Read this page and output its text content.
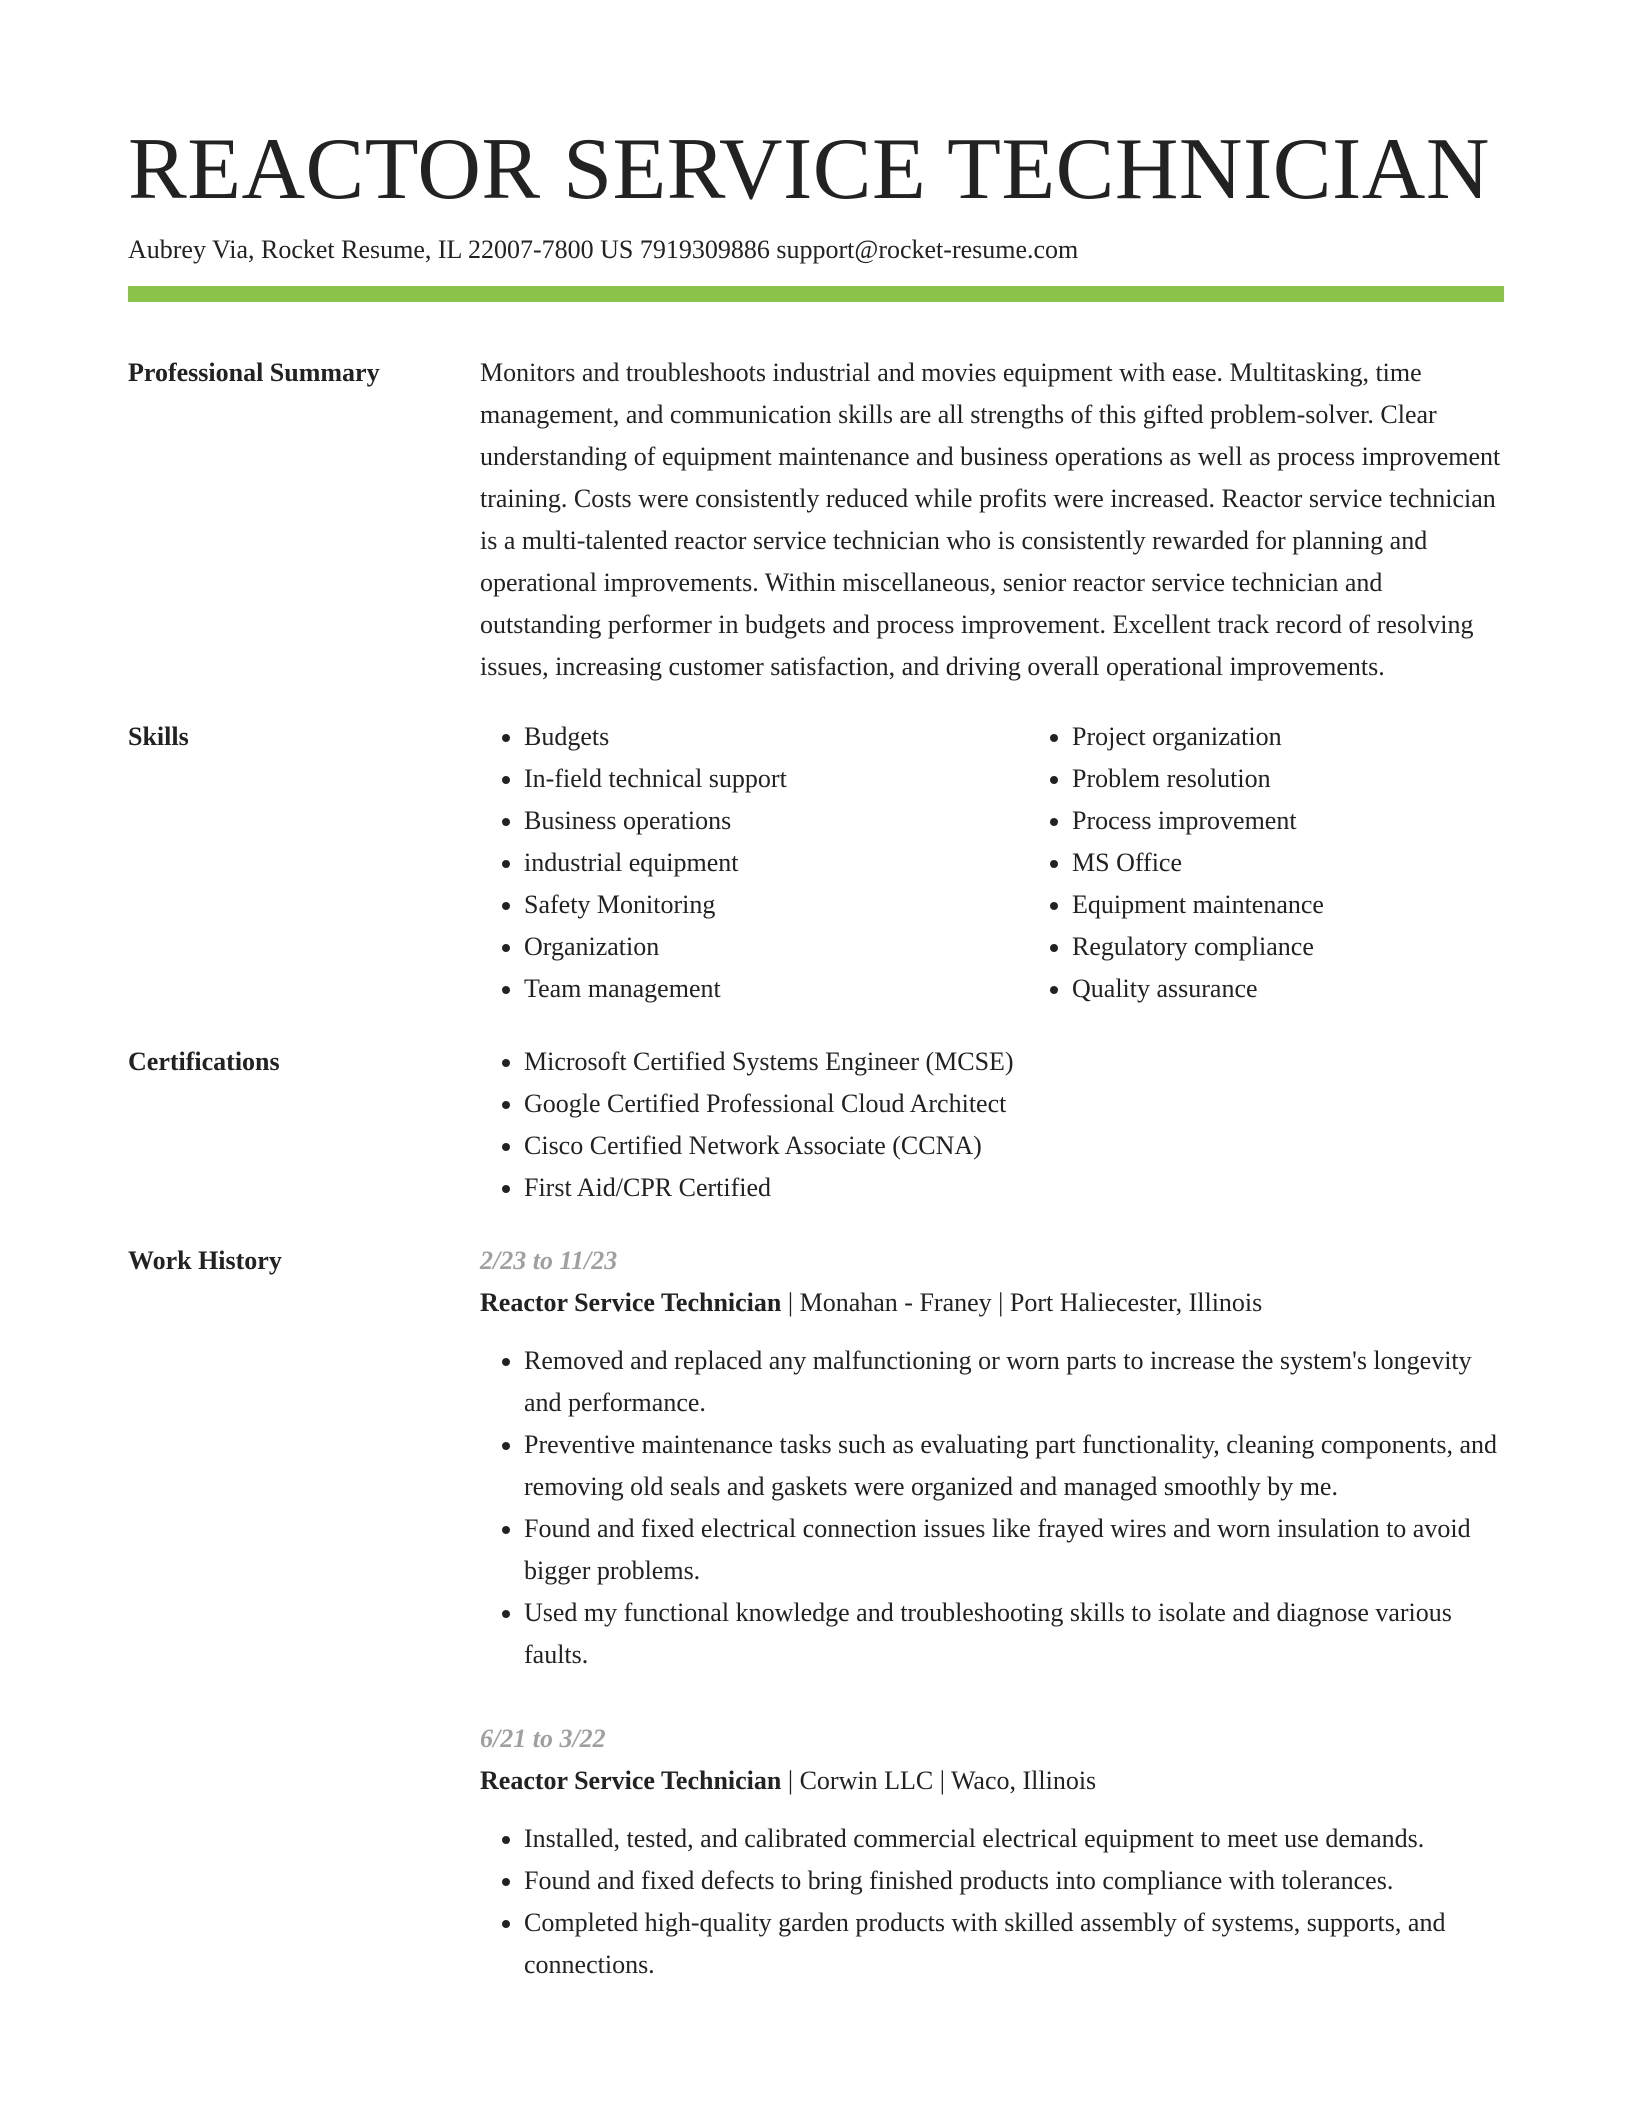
REACTOR SERVICE TECHNICIAN
Aubrey Via, Rocket Resume, IL 22007-7800 US 7919309886 support@rocket-resume.com
Professional Summary	Monitors and troubleshoots industrial and movies equipment with ease. Multitasking, time management, and communication skills are all strengths of this gifted problem-solver. Clear understanding of equipment maintenance and business operations as well as process improvement training. Costs were consistently reduced while profits were increased. Reactor service technician is a multi-talented reactor service technician who is consistently rewarded for planning and operational improvements. Within miscellaneous, senior reactor service technician and outstanding performer in budgets and process improvement. Excellent track record of resolving issues, increasing customer satisfaction, and driving overall operational improvements.

Skills	• Budgets
• In-field technical support
• Business operations
• industrial equipment
• Safety Monitoring
• Organization
• Team management
• Project organization
• Problem resolution
• Process improvement
• MS Office
• Equipment maintenance
• Regulatory compliance
• Quality assurance
Certifications	• Microsoft Certified Systems Engineer (MCSE)
• Google Certified Professional Cloud Architect
• Cisco Certified Network Associate (CCNA)
• First Aid/CPR Certified
Work History	2/23 to 11/23
Reactor Service Technician | Monahan - Franey | Port Haliecester, Illinois
• Removed and replaced any malfunctioning or worn parts to increase the system's longevity and performance.
• Preventive maintenance tasks such as evaluating part functionality, cleaning components, and removing old seals and gaskets were organized and managed smoothly by me.
• Found and fixed electrical connection issues like frayed wires and worn insulation to avoid bigger problems.
• Used my functional knowledge and troubleshooting skills to isolate and diagnose various faults.
6/21 to 3/22
Reactor Service Technician | Corwin LLC | Waco, Illinois
• Installed, tested, and calibrated commercial electrical equipment to meet use demands.
• Found and fixed defects to bring finished products into compliance with tolerances.
• Completed high-quality garden products with skilled assembly of systems, supports, and connections.
